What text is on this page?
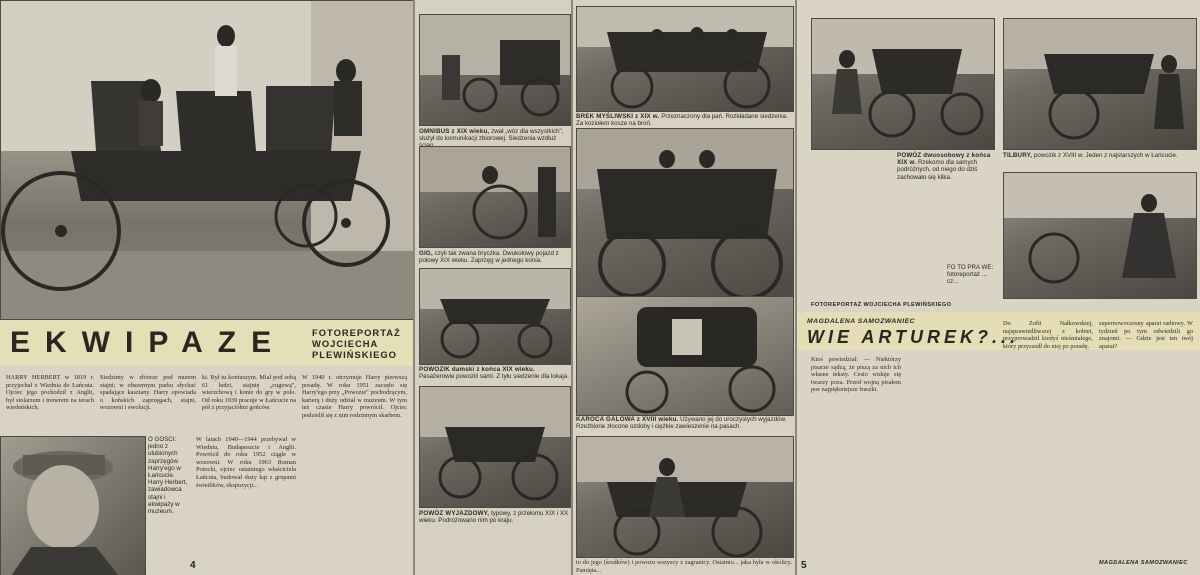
EKWIPAZE	FOTOREPORTAŻ
WOJCIECHA
PLEWIŃSKIEGO
HARRY HERBERT w 1819 r. przyjechał z Wiednia do Łańcuta. Ojciec jego pochodził z Anglii, był stolarzem i trenerem na terach wiedeńskich.
Siedzimy w zbiorze pod murem stajni; w obszernym parku słychać spadające kasztany. Harry opowiada o końskich zaprzęgach, stajni, wozowni i ewolucji.
ki. Był tu koniuszym. Miał pod sobą 61 ludzi, stajnię „cugową", wierzchową i konie do gry w polo. Od roku 1939 pracuje w Łańcucie na pół z przyjaciółmi gońców.
O GOŚCI: jedno z ulubionych zaprzęgów Harry'ego w Łańcucie. Harry Herbert, zawiadowca stajni i ekwipaży w muzeum.
W latach 1940—1944 przebywał w Wiedniu, Budapeszcie i Anglii. Powrócił do roku 1952 ciągle w wozowni. W roku 1963 Roman Potocki, ojciec ostatniego właściciela Łańcuta, budował duży kąt z grupami świetlików, ekspozycji...
W 1940 r. otrzymuje Harry pierwszą posadę. W roku 1951 zaczęło się Harry'ego przy „Powozie" pochodzącym, karierą i duży udział w muzeum. W tym też czasie Harry powrócił. Ojciec podzielił się z nim rodzinnym skarbem.
4
OMNIBUS z XIX wieku, zwał „wóz dla wszystkich", służył do komunikacji zbiorowej. Siedzenia wzdłuż
GIG, czyli tak zwana bryczka. Dwukołowy pojazd z połowy XIX wieku. Zaprzęg w jednego konia.
POWOZIK damski z końca XIX wieku. Pasażerowie powozili sami. Z tyłu siedzenie dla lokaja.
POWÓZ WYJAZDOWY, typowy, z przełomu XIX i XX wieku. Podróżowano nim po kraju.
BREK MYŚLIWSKI z XIX w. Przeznaczony dla pań. Rozkładane siedzenia. Za koziołem kosze na broń.
KAROCA GALOWA z XVIII wieku. Używano jej do uroczystych wyjazdów. Rzeźbione złocone ozdoby i ciężkie zawieszenie na pasach.
to do jego (środków) i powozu wszyscy z zagranicy. Ostatnio... jaka była w okolicy. Pamięta...
POWÓZ dwuosobowy z końca XIX w. Rzekomo dla samych podróżnych, od niego do dziś zachowało się kilka.
TILBURY, powozik z XVIII w. Jeden z najstarszych w Łańcucie.
FOTOREPORTAŻ WOJCIECHA PLEWIŃSKIEGO
FO TO PRA WE: fotoreportaż ... cz...
MAGDALENA SAMOZWANIEC
WIE ARTUREK?...
Ktoś powiedział: — Niektórzy pisarze sądzą, że piszą za nich ich własne teksty. Cesto widuje się twarzy poza. Przed wojną pisałem poe najpiękniejsze fraszki.
Do Zofii Nałkowskiej, najsprawiedliwszej z kobiet, przyprowadził kiedyś nieśmiałego, który przyszedł do niej po poradę.
supernowoczesny aparat radiowy. W tydzień po tym odwiedzili go znajomi. — Gdzie jest ten twój aparat?
MAGDALENA SAMOZWANIEC
5
